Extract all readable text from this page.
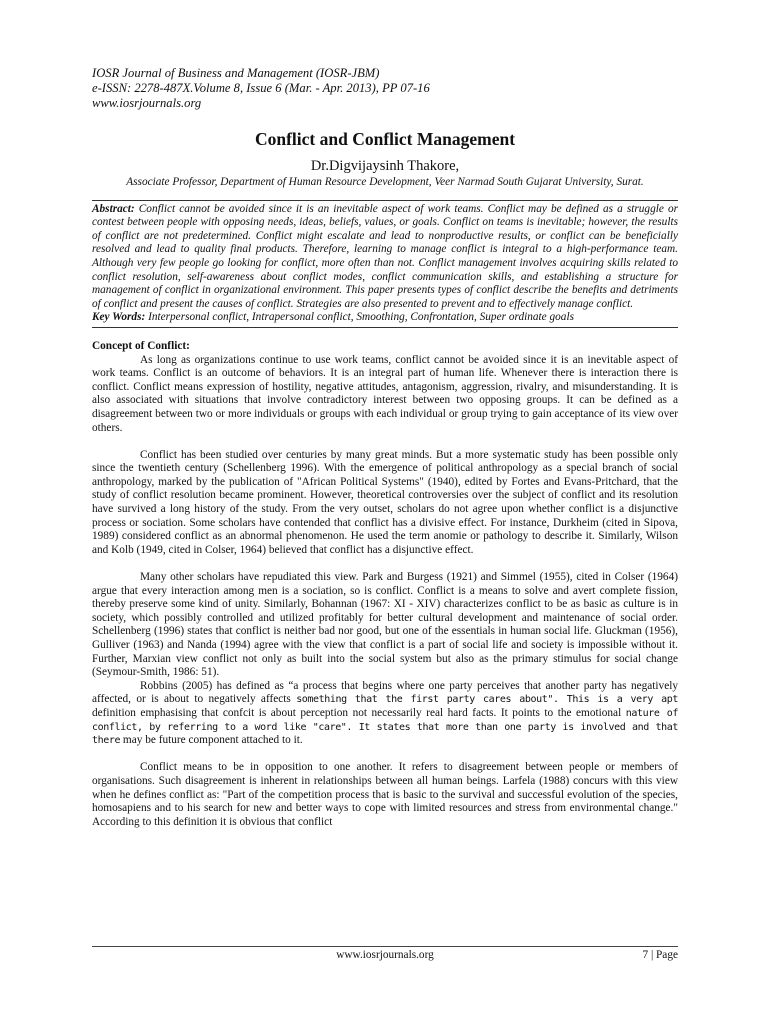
IOSR Journal of Business and Management (IOSR-JBM)
e-ISSN: 2278-487X.Volume 8, Issue 6 (Mar. - Apr. 2013), PP 07-16
www.iosrjournals.org
Conflict and Conflict Management
Dr.Digvijaysinh Thakore,
Associate Professor, Department of Human Resource Development, Veer Narmad South Gujarat University, Surat.
Abstract: Conflict cannot be avoided since it is an inevitable aspect of work teams. Conflict may be defined as a struggle or contest between people with opposing needs, ideas, beliefs, values, or goals. Conflict on teams is inevitable; however, the results of conflict are not predetermined. Conflict might escalate and lead to nonproductive results, or conflict can be beneficially resolved and lead to quality final products. Therefore, learning to manage conflict is integral to a high-performance team. Although very few people go looking for conflict, more often than not. Conflict management involves acquiring skills related to conflict resolution, self-awareness about conflict modes, conflict communication skills, and establishing a structure for management of conflict in organizational environment. This paper presents types of conflict describe the benefits and detriments of conflict and present the causes of conflict. Strategies are also presented to prevent and to effectively manage conflict.
Key Words: Interpersonal conflict, Intrapersonal conflict, Smoothing, Confrontation, Super ordinate goals
Concept of Conflict:

As long as organizations continue to use work teams, conflict cannot be avoided since it is an inevitable aspect of work teams. Conflict is an outcome of behaviors. It is an integral part of human life. Whenever there is interaction there is conflict. Conflict means expression of hostility, negative attitudes, antagonism, aggression, rivalry, and misunderstanding. It is also associated with situations that involve contradictory interest between two opposing groups. It can be defined as a disagreement between two or more individuals or groups with each individual or group trying to gain acceptance of its view over others.

Conflict has been studied over centuries by many great minds. But a more systematic study has been possible only since the twentieth century (Schellenberg 1996). With the emergence of political anthropology as a special branch of social anthropology, marked by the publication of "African Political Systems" (1940), edited by Fortes and Evans-Pritchard, that the study of conflict resolution became prominent. However, theoretical controversies over the subject of conflict and its resolution have survived a long history of the study. From the very outset, scholars do not agree upon whether conflict is a disjunctive process or sociation. Some scholars have contended that conflict has a divisive effect. For instance, Durkheim (cited in Sipova, 1989) considered conflict as an abnormal phenomenon. He used the term anomie or pathology to describe it. Similarly, Wilson and Kolb (1949, cited in Colser, 1964) believed that conflict has a disjunctive effect.

Many other scholars have repudiated this view. Park and Burgess (1921) and Simmel (1955), cited in Colser (1964) argue that every interaction among men is a sociation, so is conflict. Conflict is a means to solve and avert complete fission, thereby preserve some kind of unity. Similarly, Bohannan (1967: XI - XIV) characterizes conflict to be as basic as culture is in society, which possibly controlled and utilized profitably for better cultural development and maintenance of social order. Schellenberg (1996) states that conflict is neither bad nor good, but one of the essentials in human social life. Gluckman (1956), Gulliver (1963) and Nanda (1994) agree with the view that conflict is a part of social life and society is impossible without it. Further, Marxian view conflict not only as built into the social system but also as the primary stimulus for social change (Seymour-Smith, 1986: 51).

Robbins (2005) has defined as “a process that begins where one party perceives that another party has negatively affected, or is about to negatively affects something that the first party cares about". This is a very apt definition emphasising that confcit is about perception not necessarily real hard facts. It points to the emotional nature of conflict, by referring to a word like "care". It states that more than one party is involved and that there may be future component attached to it.

Conflict means to be in opposition to one another. It refers to disagreement between people or members of organisations. Such disagreement is inherent in relationships between all human beings. Larfela (1988) concurs with this view when he defines conflict as: "Part of the competition process that is basic to the survival and successful evolution of the species, homosapiens and to his search for new and better ways to cope with limited resources and stress from environmental change." According to this definition it is obvious that conflict

www.iosrjournals.org	7 | Page
